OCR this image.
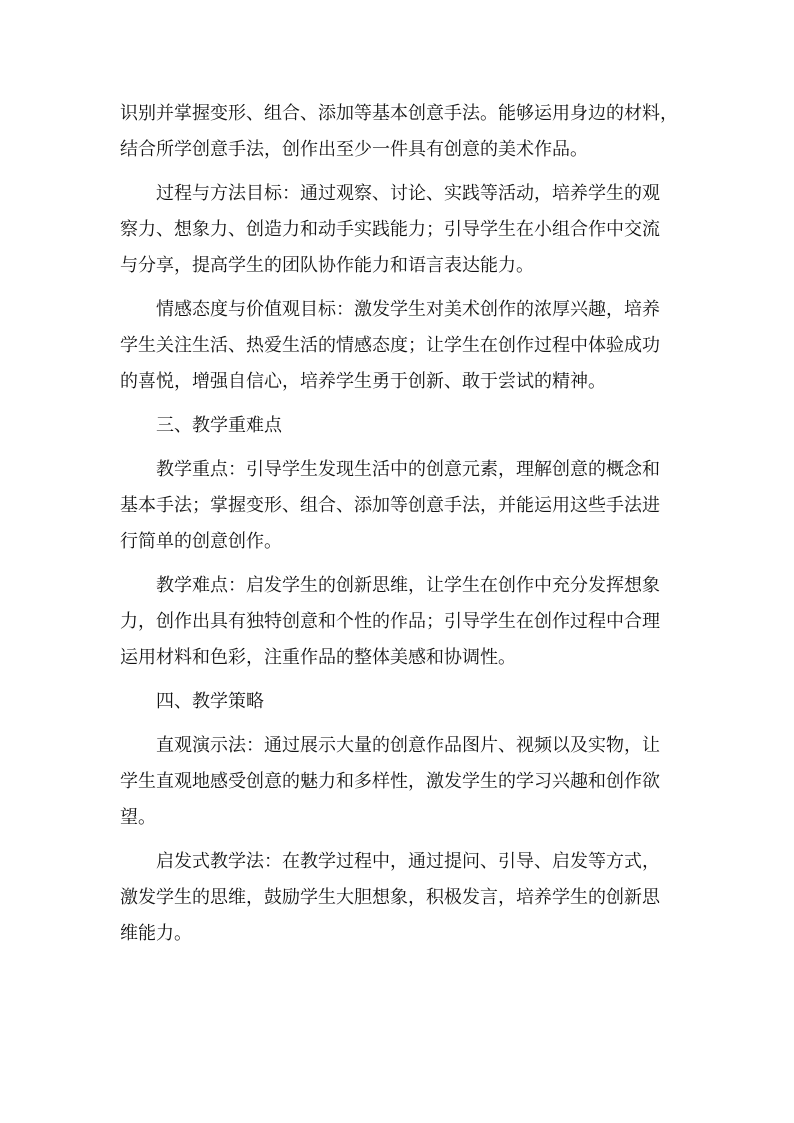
识别并掌握变形、组合、添加等基本创意手法。能够运用身边的材料，
结合所学创意手法，创作出至少一件具有创意的美术作品。
过程与方法目标：通过观察、讨论、实践等活动，培养学生的观
察力、想象力、创造力和动手实践能力；引导学生在小组合作中交流
与分享，提高学生的团队协作能力和语言表达能力。
情感态度与价值观目标：激发学生对美术创作的浓厚兴趣，培养
学生关注生活、热爱生活的情感态度；让学生在创作过程中体验成功
的喜悦，增强自信心，培养学生勇于创新、敢于尝试的精神。
三、教学重难点
教学重点：引导学生发现生活中的创意元素，理解创意的概念和
基本手法；掌握变形、组合、添加等创意手法，并能运用这些手法进
行简单的创意创作。
教学难点：启发学生的创新思维，让学生在创作中充分发挥想象
力，创作出具有独特创意和个性的作品；引导学生在创作过程中合理
运用材料和色彩，注重作品的整体美感和协调性。
四、教学策略
直观演示法：通过展示大量的创意作品图片、视频以及实物，让
学生直观地感受创意的魅力和多样性，激发学生的学习兴趣和创作欲
望。
启发式教学法：在教学过程中，通过提问、引导、启发等方式，
激发学生的思维，鼓励学生大胆想象，积极发言，培养学生的创新思
维能力。
